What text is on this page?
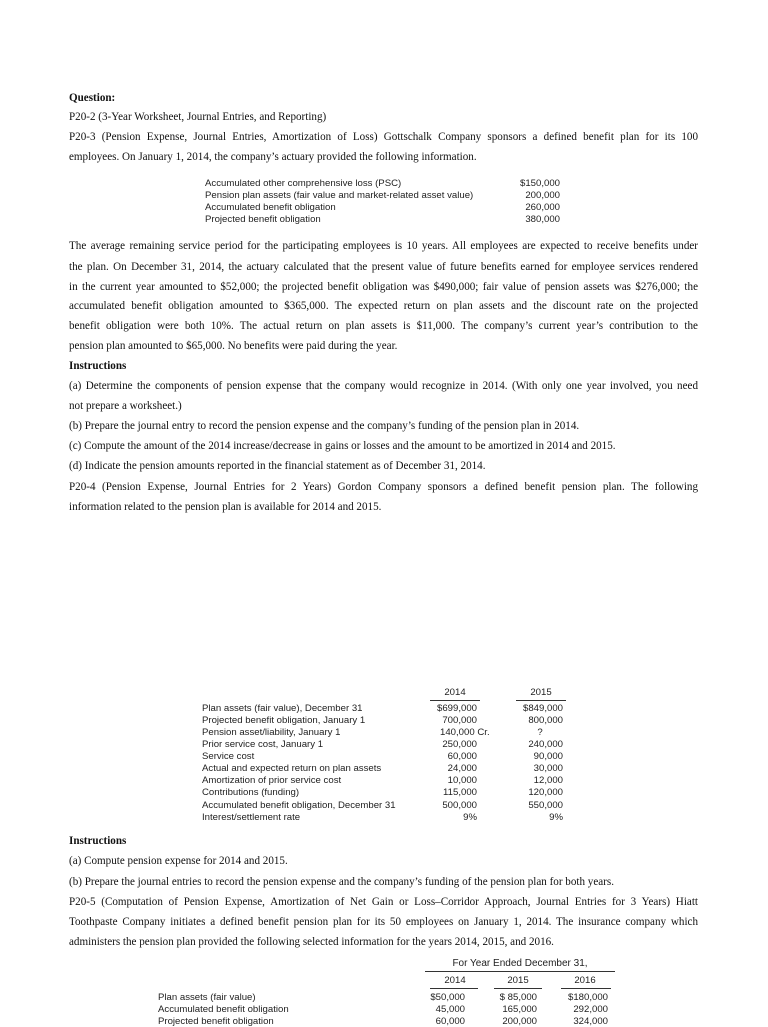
Question:
P20-2 (3-Year Worksheet, Journal Entries, and Reporting)
P20-3 (Pension Expense, Journal Entries, Amortization of Loss) Gottschalk Company sponsors a defined benefit plan for its 100
employees. On January 1, 2014, the company’s actuary provided the following information.
Accumulated other comprehensive loss (PSC)	$150,000
Pension plan assets (fair value and market-related asset value)	200,000
Accumulated benefit obligation	260,000
Projected benefit obligation	380,000
The average remaining service period for the participating employees is 10 years. All employees are expected to receive benefits under
the plan. On December 31, 2014, the actuary calculated that the present value of future benefits earned for employee services rendered
in the current year amounted to $52,000; the projected benefit obligation was $490,000; fair value of pension assets was $276,000; the
accumulated benefit obligation amounted to $365,000. The expected return on plan assets and the discount rate on the projected
benefit obligation were both 10%. The actual return on plan assets is $11,000. The company’s current year’s contribution to the
pension plan amounted to $65,000. No benefits were paid during the year.
Instructions
(a) Determine the components of pension expense that the company would recognize in 2014. (With only one year involved, you need
not prepare a worksheet.)
(b) Prepare the journal entry to record the pension expense and the company’s funding of the pension plan in 2014.
(c) Compute the amount of the 2014 increase/decrease in gains or losses and the amount to be amortized in 2014 and 2015.
(d) Indicate the pension amounts reported in the financial statement as of December 31, 2014.
P20-4 (Pension Expense, Journal Entries for 2 Years) Gordon Company sponsors a defined benefit pension plan. The following
information related to the pension plan is available for 2014 and 2015.
2014	2015
Plan assets (fair value), December 31	$699,000	$849,000
Projected benefit obligation, January 1	700,000	800,000
Pension asset/liability, January 1	140,000 Cr.	?
Prior service cost, January 1	250,000	240,000
Service cost	60,000	90,000
Actual and expected return on plan assets	24,000	30,000
Amortization of prior service cost	10,000	12,000
Contributions (funding)	115,000	120,000
Accumulated benefit obligation, December 31	500,000	550,000
Interest/settlement rate	9%	9%
Instructions
(a) Compute pension expense for 2014 and 2015.
(b) Prepare the journal entries to record the pension expense and the company’s funding of the pension plan for both years.
P20-5 (Computation of Pension Expense, Amortization of Net Gain or Loss–Corridor Approach, Journal Entries for 3 Years) Hiatt
Toothpaste Company initiates a defined benefit pension plan for its 50 employees on January 1, 2014. The insurance company which
administers the pension plan provided the following selected information for the years 2014, 2015, and 2016.
For Year Ended December 31,
2014	2015	2016
Plan assets (fair value)	$50,000	$ 85,000	$180,000
Accumulated benefit obligation	45,000	165,000	292,000
Projected benefit obligation	60,000	200,000	324,000
